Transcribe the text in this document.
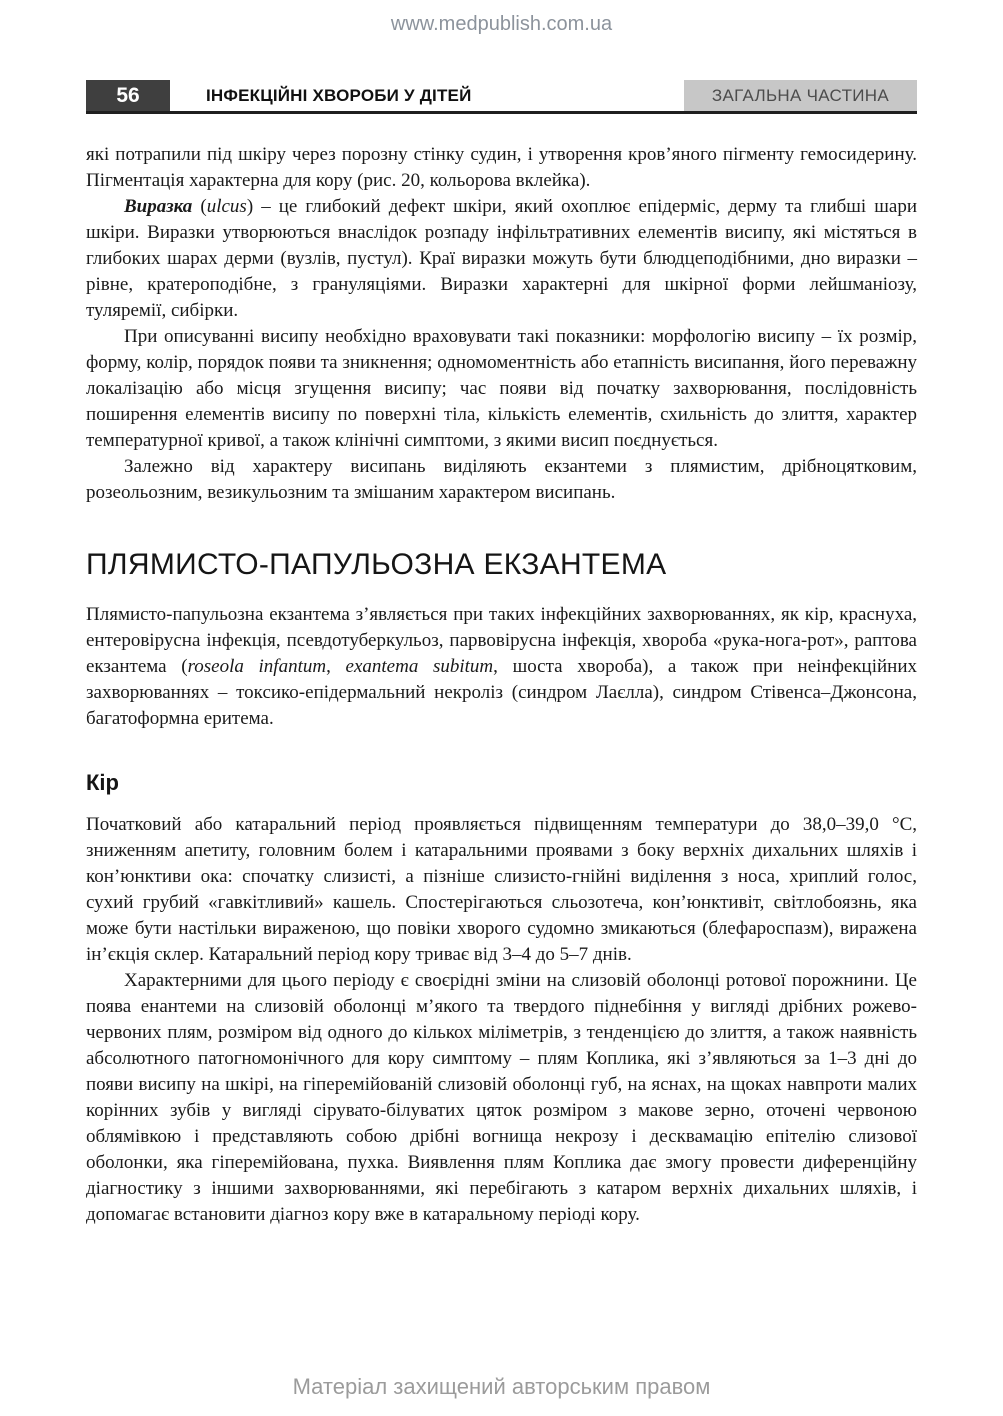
www.medpublish.com.ua
56	ІНФЕКЦІЙНІ ХВОРОБИ У ДІТЕЙ	ЗАГАЛЬНА ЧАСТИНА

які потрапили під шкіру через порозну стінку судин, і утворення кров’яного пігменту гемосидерину. Пігментація характерна для кору (рис. 20, кольорова вклейка).

Виразка (ulcus) – це глибокий дефект шкіри, який охоплює епідерміс, дерму та глибші шари шкіри. Виразки утворюються внаслідок розпаду інфільтративних елементів висипу, які містяться в глибоких шарах дерми (вузлів, пустул). Краї виразки можуть бути блюдцеподібними, дно виразки – рівне, кратероподібне, з грануляціями. Виразки характерні для шкірної форми лейшманіозу, туляремії, сибірки.

При описуванні висипу необхідно враховувати такі показники: морфологію висипу – їх розмір, форму, колір, порядок появи та зникнення; одномоментність або етапність висипання, його переважну локалізацію або місця згущення висипу; час появи від початку захворювання, послідовність поширення елементів висипу по поверхні тіла, кількість елементів, схильність до злиття, характер температурної кривої, а також клінічні симптоми, з якими висип поєднується.

Залежно від характеру висипань виділяють екзантеми з плямистим, дрібноцятковим, розеольозним, везикульозним та змішаним характером висипань.

ПЛЯМИСТО-ПАПУЛЬОЗНА ЕКЗАНТЕМА

Плямисто-папульозна екзантема з’являється при таких інфекційних захворюваннях, як кір, краснуха, ентеровірусна інфекція, псевдотуберкульоз, парвовірусна інфекція, хвороба «рука-нога-рот», раптова екзантема (roseola infantum, exantema subitum, шоста хвороба), а також при неінфекційних захворюваннях – токсико-епідермальний некроліз (синдром Лаєлла), синдром Стівенса–Джонсона, багатоформна еритема.

Кір

Початковий або катаральний період проявляється підвищенням температури до 38,0–39,0 °С, зниженням апетиту, головним болем і катаральними проявами з боку верхніх дихальних шляхів і кон’юнктиви ока: спочатку слизисті, а пізніше слизисто-гнійні виділення з носа, хриплий голос, сухий грубий «гавкітливий» кашель. Спостерігаються сльозотеча, кон’юнктивіт, світлобоязнь, яка може бути настільки вираженою, що повіки хворого судомно змикаються (блефароспазм), виражена ін’єкція склер. Катаральний період кору триває від 3–4 до 5–7 днів.

Характерними для цього періоду є своєрідні зміни на слизовій оболонці ротової порожнини. Це поява енантеми на слизовій оболонці м’якого та твердого піднебіння у вигляді дрібних рожево-червоних плям, розміром від одного до кількох міліметрів, з тенденцією до злиття, а також наявність абсолютного патогномонічного для кору симптому – плям Коплика, які з’являються за 1–3 дні до появи висипу на шкірі, на гіперемійованій слизовій оболонці губ, на яснах, на щоках навпроти малих корінних зубів у вигляді сірувато-білуватих цяток розміром з макове зерно, оточені червоною облямівкою і представляють собою дрібні вогнища некрозу і десквамацію епітелію слизової оболонки, яка гіперемійована, пухка. Виявлення плям Коплика дає змогу провести диференційну діагностику з іншими захворюваннями, які перебігають з катаром верхніх дихальних шляхів, і допомагає встановити діагноз кору вже в катаральному періоді кору.

Матеріал захищений авторським правом
